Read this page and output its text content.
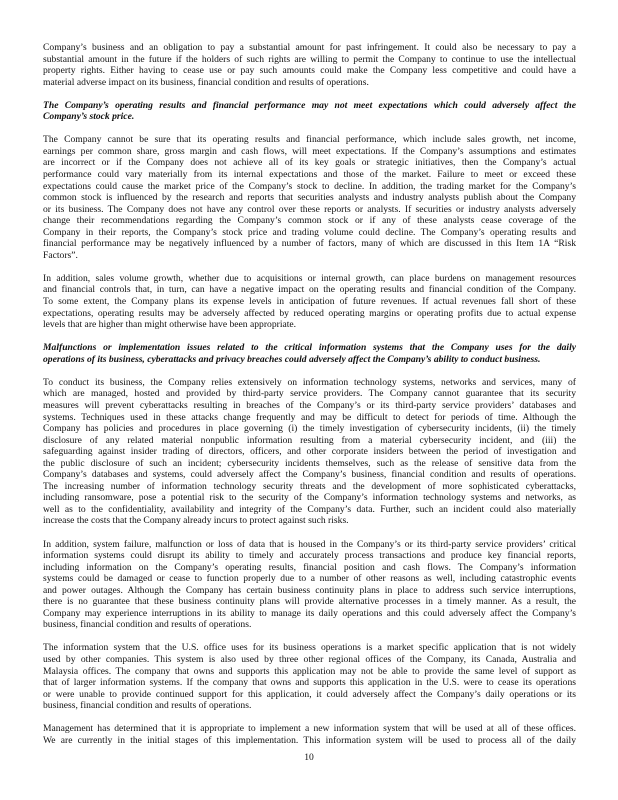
Company’s business and an obligation to pay a substantial amount for past infringement. It could also be necessary to pay a
substantial amount in the future if the holders of such rights are willing to permit the Company to continue to use the intellectual
property rights. Either having to cease use or pay such amounts could make the Company less competitive and could have a
material adverse impact on its business, financial condition and results of operations.
The Company’s operating results and financial performance may not meet expectations which could adversely affect the
Company’s stock price.
The Company cannot be sure that its operating results and financial performance, which include sales growth, net income,
earnings per common share, gross margin and cash flows, will meet expectations. If the Company’s assumptions and estimates
are incorrect or if the Company does not achieve all of its key goals or strategic initiatives, then the Company’s actual
performance could vary materially from its internal expectations and those of the market. Failure to meet or exceed these
expectations could cause the market price of the Company’s stock to decline. In addition, the trading market for the Company’s
common stock is influenced by the research and reports that securities analysts and industry analysts publish about the Company
or its business. The Company does not have any control over these reports or analysts. If securities or industry analysts adversely
change their recommendations regarding the Company’s common stock or if any of these analysts cease coverage of the
Company in their reports, the Company’s stock price and trading volume could decline. The Company’s operating results and
financial performance may be negatively influenced by a number of factors, many of which are discussed in this Item 1A “Risk
Factors”.
In addition, sales volume growth, whether due to acquisitions or internal growth, can place burdens on management resources
and financial controls that, in turn, can have a negative impact on the operating results and financial condition of the Company.
To some extent, the Company plans its expense levels in anticipation of future revenues. If actual revenues fall short of these
expectations, operating results may be adversely affected by reduced operating margins or operating profits due to actual expense
levels that are higher than might otherwise have been appropriate.
Malfunctions or implementation issues related to the critical information systems that the Company uses for the daily
operations of its business, cyberattacks and privacy breaches could adversely affect the Company’s ability to conduct business.
To conduct its business, the Company relies extensively on information technology systems, networks and services, many of
which are managed, hosted and provided by third-party service providers. The Company cannot guarantee that its security
measures will prevent cyberattacks resulting in breaches of the Company’s or its third-party service providers’ databases and
systems. Techniques used in these attacks change frequently and may be difficult to detect for periods of time. Although the
Company has policies and procedures in place governing (i) the timely investigation of cybersecurity incidents, (ii) the timely
disclosure of any related material nonpublic information resulting from a material cybersecurity incident, and (iii) the
safeguarding against insider trading of directors, officers, and other corporate insiders between the period of investigation and
the public disclosure of such an incident; cybersecurity incidents themselves, such as the release of sensitive data from the
Company’s databases and systems, could adversely affect the Company’s business, financial condition and results of operations.
The increasing number of information technology security threats and the development of more sophisticated cyberattacks,
including ransomware, pose a potential risk to the security of the Company’s information technology systems and networks, as
well as to the confidentiality, availability and integrity of the Company’s data. Further, such an incident could also materially
increase the costs that the Company already incurs to protect against such risks.
In addition, system failure, malfunction or loss of data that is housed in the Company’s or its third-party service providers’ critical
information systems could disrupt its ability to timely and accurately process transactions and produce key financial reports,
including information on the Company’s operating results, financial position and cash flows. The Company’s information
systems could be damaged or cease to function properly due to a number of other reasons as well, including catastrophic events
and power outages. Although the Company has certain business continuity plans in place to address such service interruptions,
there is no guarantee that these business continuity plans will provide alternative processes in a timely manner. As a result, the
Company may experience interruptions in its ability to manage its daily operations and this could adversely affect the Company’s
business, financial condition and results of operations.
The information system that the U.S. office uses for its business operations is a market specific application that is not widely
used by other companies. This system is also used by three other regional offices of the Company, its Canada, Australia and
Malaysia offices. The company that owns and supports this application may not be able to provide the same level of support as
that of larger information systems. If the company that owns and supports this application in the U.S. were to cease its operations
or were unable to provide continued support for this application, it could adversely affect the Company’s daily operations or its
business, financial condition and results of operations.
Management has determined that it is appropriate to implement a new information system that will be used at all of these offices.
We are currently in the initial stages of this implementation. This information system will be used to process all of the daily
10
